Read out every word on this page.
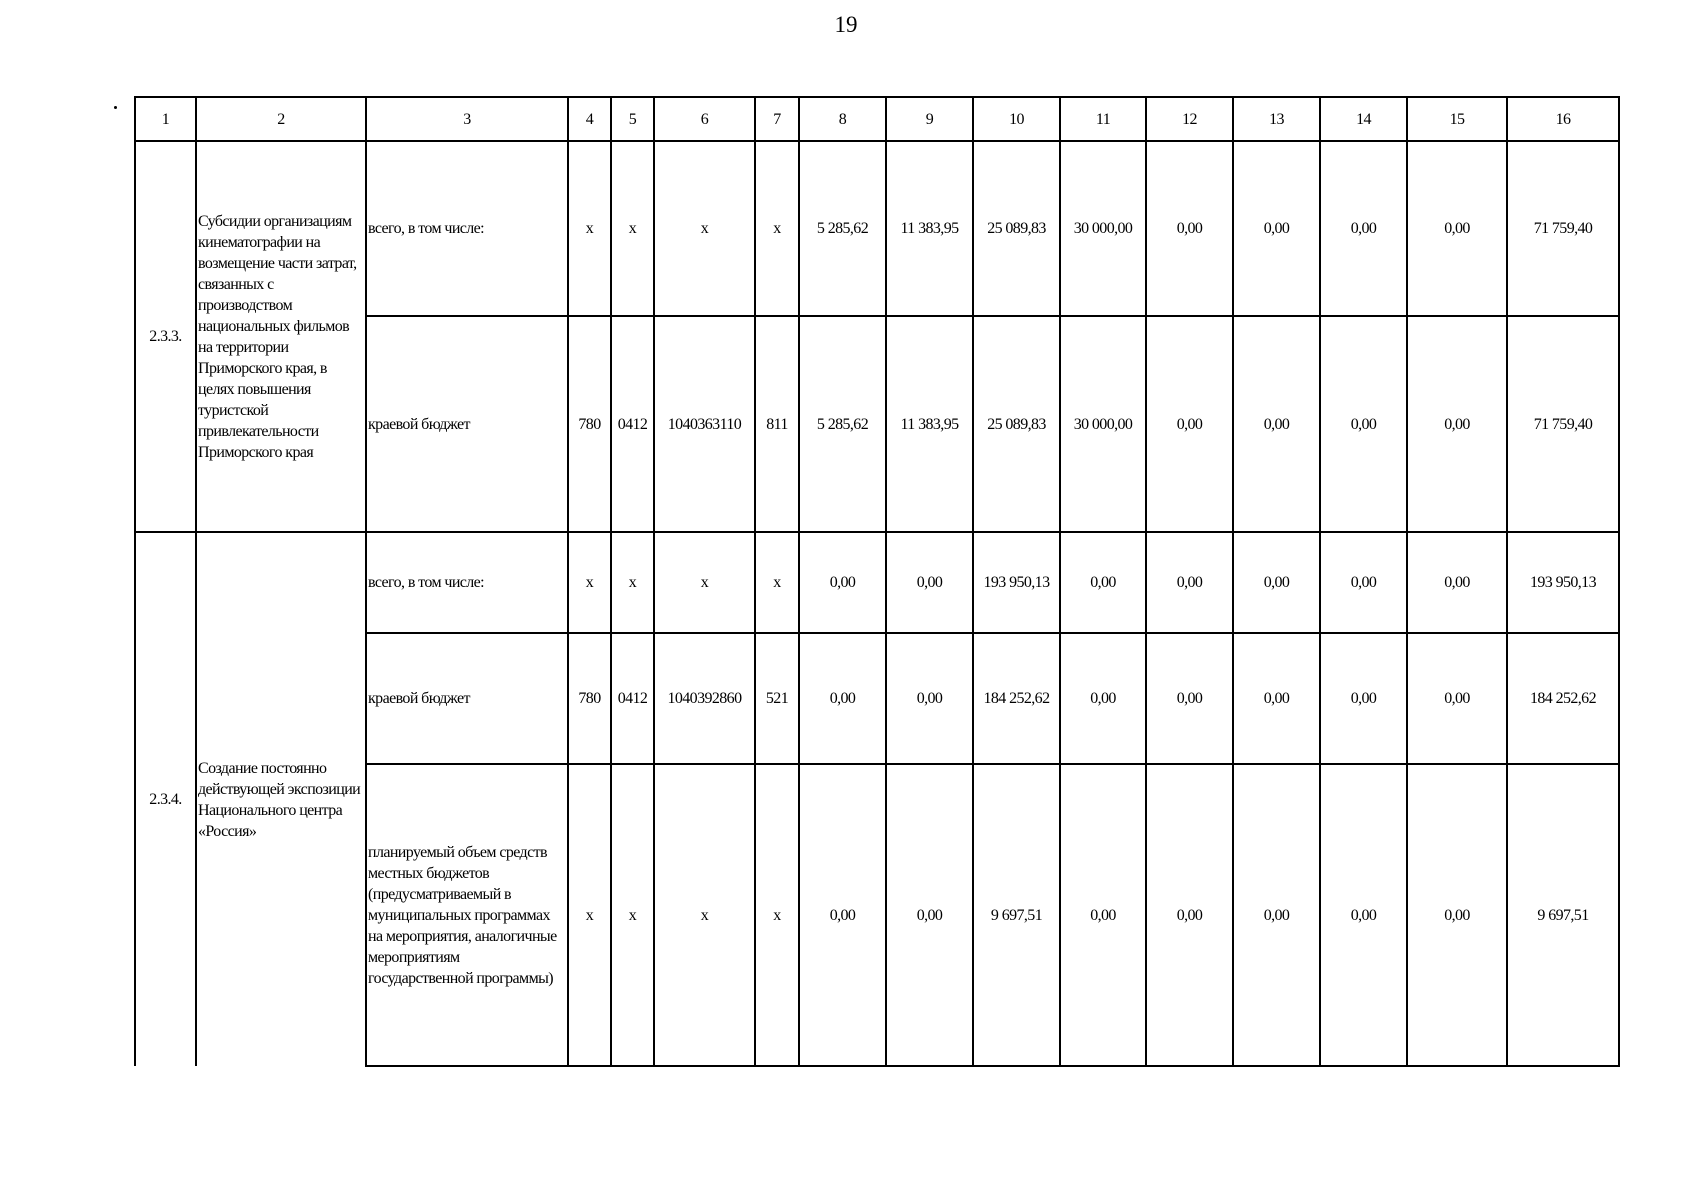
19
1	2	3	4	5	6	7	8	9	10	11	12	13	14	15	16
2.3.3.	Субсидии организациям кинематографии на возмещение части затрат, связанных с производством национальных фильмов на территории Приморского края, в целях повышения туристской привлекательности Приморского края	всего, в том числе:	x	x	x	x	5 285,62	11 383,95	25 089,83	30 000,00	0,00	0,00	0,00	0,00	71 759,40
		краевой бюджет	780	0412	1040363110	811	5 285,62	11 383,95	25 089,83	30 000,00	0,00	0,00	0,00	0,00	71 759,40
2.3.4.	Создание постоянно действующей экспозиции Национального центра «Россия»	всего, в том числе:	x	x	x	x	0,00	0,00	193 950,13	0,00	0,00	0,00	0,00	0,00	193 950,13
		краевой бюджет	780	0412	1040392860	521	0,00	0,00	184 252,62	0,00	0,00	0,00	0,00	0,00	184 252,62
		планируемый объем средств местных бюджетов (предусматриваемый в муниципальных программах на мероприятия, аналогичные мероприятиям государственной программы)	x	x	x	x	0,00	0,00	9 697,51	0,00	0,00	0,00	0,00	0,00	9 697,51
